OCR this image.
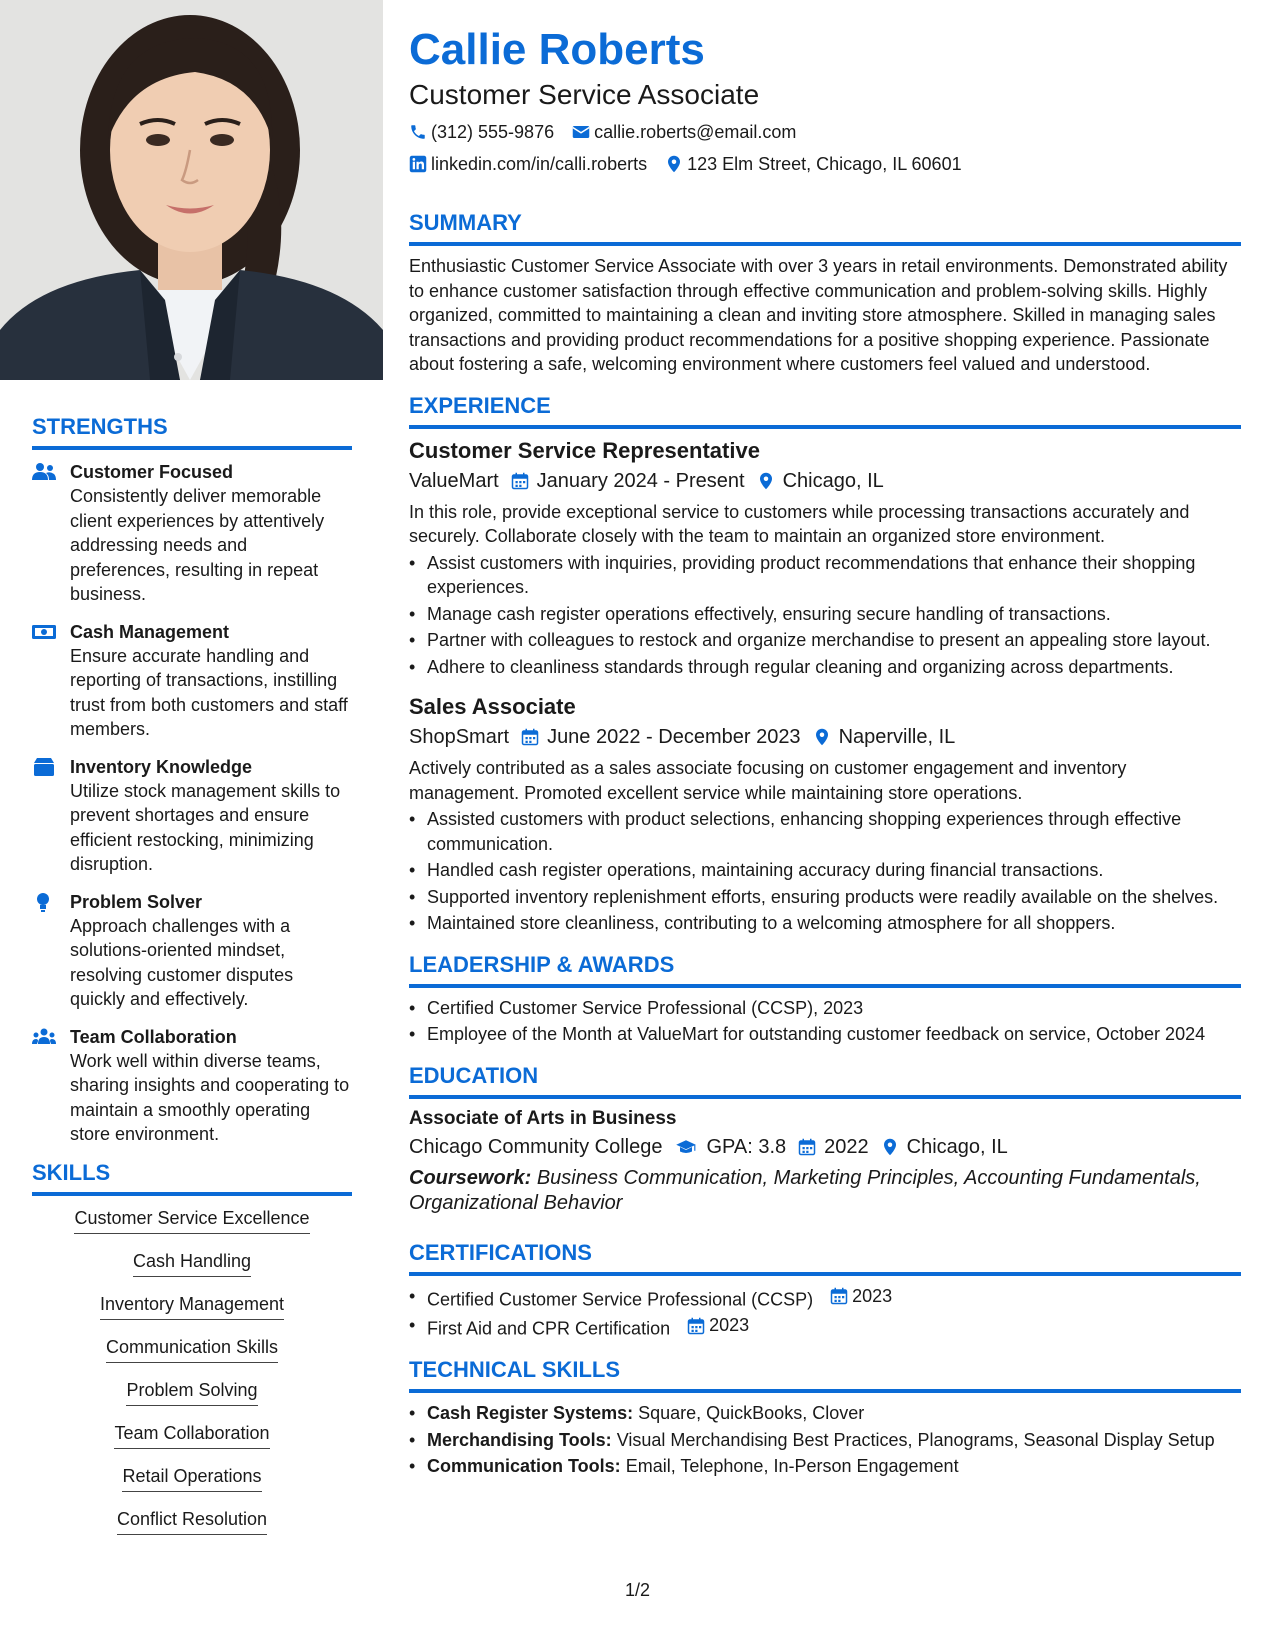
STRENGTHS
Customer Focused
Consistently deliver memorable client experiences by attentively addressing needs and preferences, resulting in repeat business.
Cash Management
Ensure accurate handling and reporting of transactions, instilling trust from both customers and staff members.
Inventory Knowledge
Utilize stock management skills to prevent shortages and ensure efficient restocking, minimizing disruption.
Problem Solver
Approach challenges with a solutions-oriented mindset, resolving customer disputes quickly and effectively.
Team Collaboration
Work well within diverse teams, sharing insights and cooperating to maintain a smoothly operating store environment.
SKILLS
Customer Service Excellence
Cash Handling
Inventory Management
Communication Skills
Problem Solving
Team Collaboration
Retail Operations
Conflict Resolution
Callie Roberts
Customer Service Associate
(312) 555-9876 callie.roberts@email.com
linkedin.com/in/calli.roberts 123 Elm Street, Chicago, IL 60601
SUMMARY
Enthusiastic Customer Service Associate with over 3 years in retail environments. Demonstrated ability to enhance customer satisfaction through effective communication and problem-solving skills. Highly organized, committed to maintaining a clean and inviting store atmosphere. Skilled in managing sales transactions and providing product recommendations for a positive shopping experience. Passionate about fostering a safe, welcoming environment where customers feel valued and understood.
EXPERIENCE
Customer Service Representative
ValueMart January 2024 - Present Chicago, IL
In this role, provide exceptional service to customers while processing transactions accurately and securely. Collaborate closely with the team to maintain an organized store environment.
• Assist customers with inquiries, providing product recommendations that enhance their shopping experiences.
• Manage cash register operations effectively, ensuring secure handling of transactions.
• Partner with colleagues to restock and organize merchandise to present an appealing store layout.
• Adhere to cleanliness standards through regular cleaning and organizing across departments.
Sales Associate
ShopSmart June 2022 - December 2023 Naperville, IL
Actively contributed as a sales associate focusing on customer engagement and inventory management. Promoted excellent service while maintaining store operations.
• Assisted customers with product selections, enhancing shopping experiences through effective communication.
• Handled cash register operations, maintaining accuracy during financial transactions.
• Supported inventory replenishment efforts, ensuring products were readily available on the shelves.
• Maintained store cleanliness, contributing to a welcoming atmosphere for all shoppers.
LEADERSHIP & AWARDS
• Certified Customer Service Professional (CCSP), 2023
• Employee of the Month at ValueMart for outstanding customer feedback on service, October 2024
EDUCATION
Associate of Arts in Business
Chicago Community College GPA: 3.8 2022 Chicago, IL
Coursework: Business Communication, Marketing Principles, Accounting Fundamentals, Organizational Behavior
CERTIFICATIONS
• Certified Customer Service Professional (CCSP) 2023
• First Aid and CPR Certification 2023
TECHNICAL SKILLS
• Cash Register Systems: Square, QuickBooks, Clover
• Merchandising Tools: Visual Merchandising Best Practices, Planograms, Seasonal Display Setup
• Communication Tools: Email, Telephone, In-Person Engagement
1/2
